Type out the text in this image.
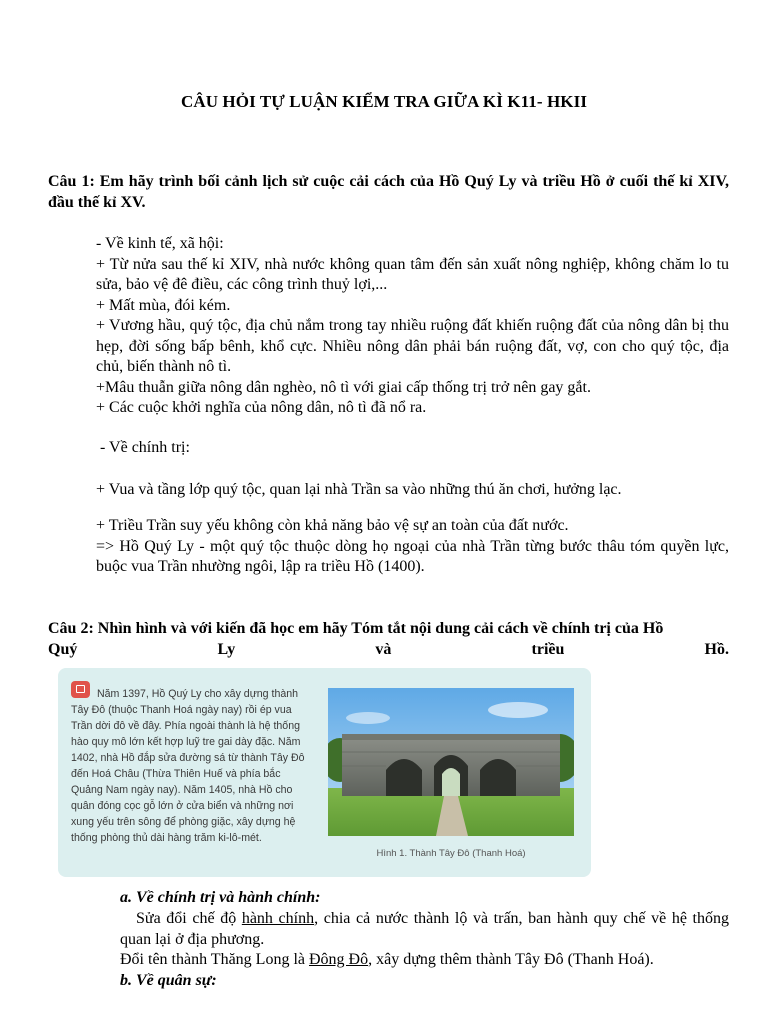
CÂU HỎI TỰ LUẬN KIỂM TRA GIỮA KÌ K11- HKII
Câu 1: Em hãy trình bối cảnh lịch sử cuộc cải cách của Hồ Quý Ly và triều Hồ ở cuối thế kỉ XIV, đầu thế kỉ XV.

- Về kinh tế, xã hội:

+ Từ nửa sau thế kỉ XIV, nhà nước không quan tâm đến sản xuất nông nghiệp, không chăm lo tu sửa, bảo vệ đê điều, các công trình thuỷ lợi,...

+ Mất mùa, đói kém.

+ Vương hầu, quý tộc, địa chủ nắm trong tay nhiều ruộng đất khiến ruộng đất của nông dân bị thu hẹp, đời sống bấp bênh, khổ cực. Nhiều nông dân phải bán ruộng đất, vợ, con cho quý tộc, địa chủ, biến thành nô tì.

+Mâu thuẫn giữa nông dân nghèo, nô tì với giai cấp thống trị trở nên gay gắt.

+ Các cuộc khởi nghĩa của nông dân, nô tì đã nổ ra.

- Về chính trị:
+ Vua và tầng lớp quý tộc, quan lại nhà Trần sa vào những thú ăn chơi, hưởng lạc.

+ Triều Trần suy yếu không còn khả năng bảo vệ sự an toàn của đất nước.

=> Hồ Quý Ly - một quý tộc thuộc dòng họ ngoại của nhà Trần từng bước thâu tóm quyền lực, buộc vua Trần nhường ngôi, lập ra triều Hồ (1400).

Câu 2: Nhìn hình và với kiến đã học em hãy Tóm tắt nội dung cải cách về chính trị của Hồ
Quý	Ly	và	triều	Hồ.
Năm 1397, Hồ Quý Ly cho xây dựng thành Tây Đô (thuộc Thanh Hoá ngày nay) rồi ép vua Trần dời đô về đây. Phía ngoài thành là hệ thống hào quy mô lớn kết hợp luỹ tre gai dày đặc. Năm 1402, nhà Hồ đắp sửa đường sá từ thành Tây Đô đến Hoá Châu (Thừa Thiên Huế và phía bắc Quảng Nam ngày nay). Năm 1405, nhà Hồ cho quân đóng cọc gỗ lớn ở cửa biển và những nơi xung yếu trên sông để phòng giặc, xây dựng hệ thống phòng thủ dài hàng trăm ki-lô-mét.
Hình 1. Thành Tây Đô (Thanh Hoá)
a. Về chính trị và hành chính:

Sửa đổi chế độ hành chính, chia cả nước thành lộ và trấn, ban hành quy chế về hệ thống quan lại ở địa phương.

Đổi tên thành Thăng Long là Đông Đô, xây dựng thêm thành Tây Đô (Thanh Hoá).
b. Về quân sự:
